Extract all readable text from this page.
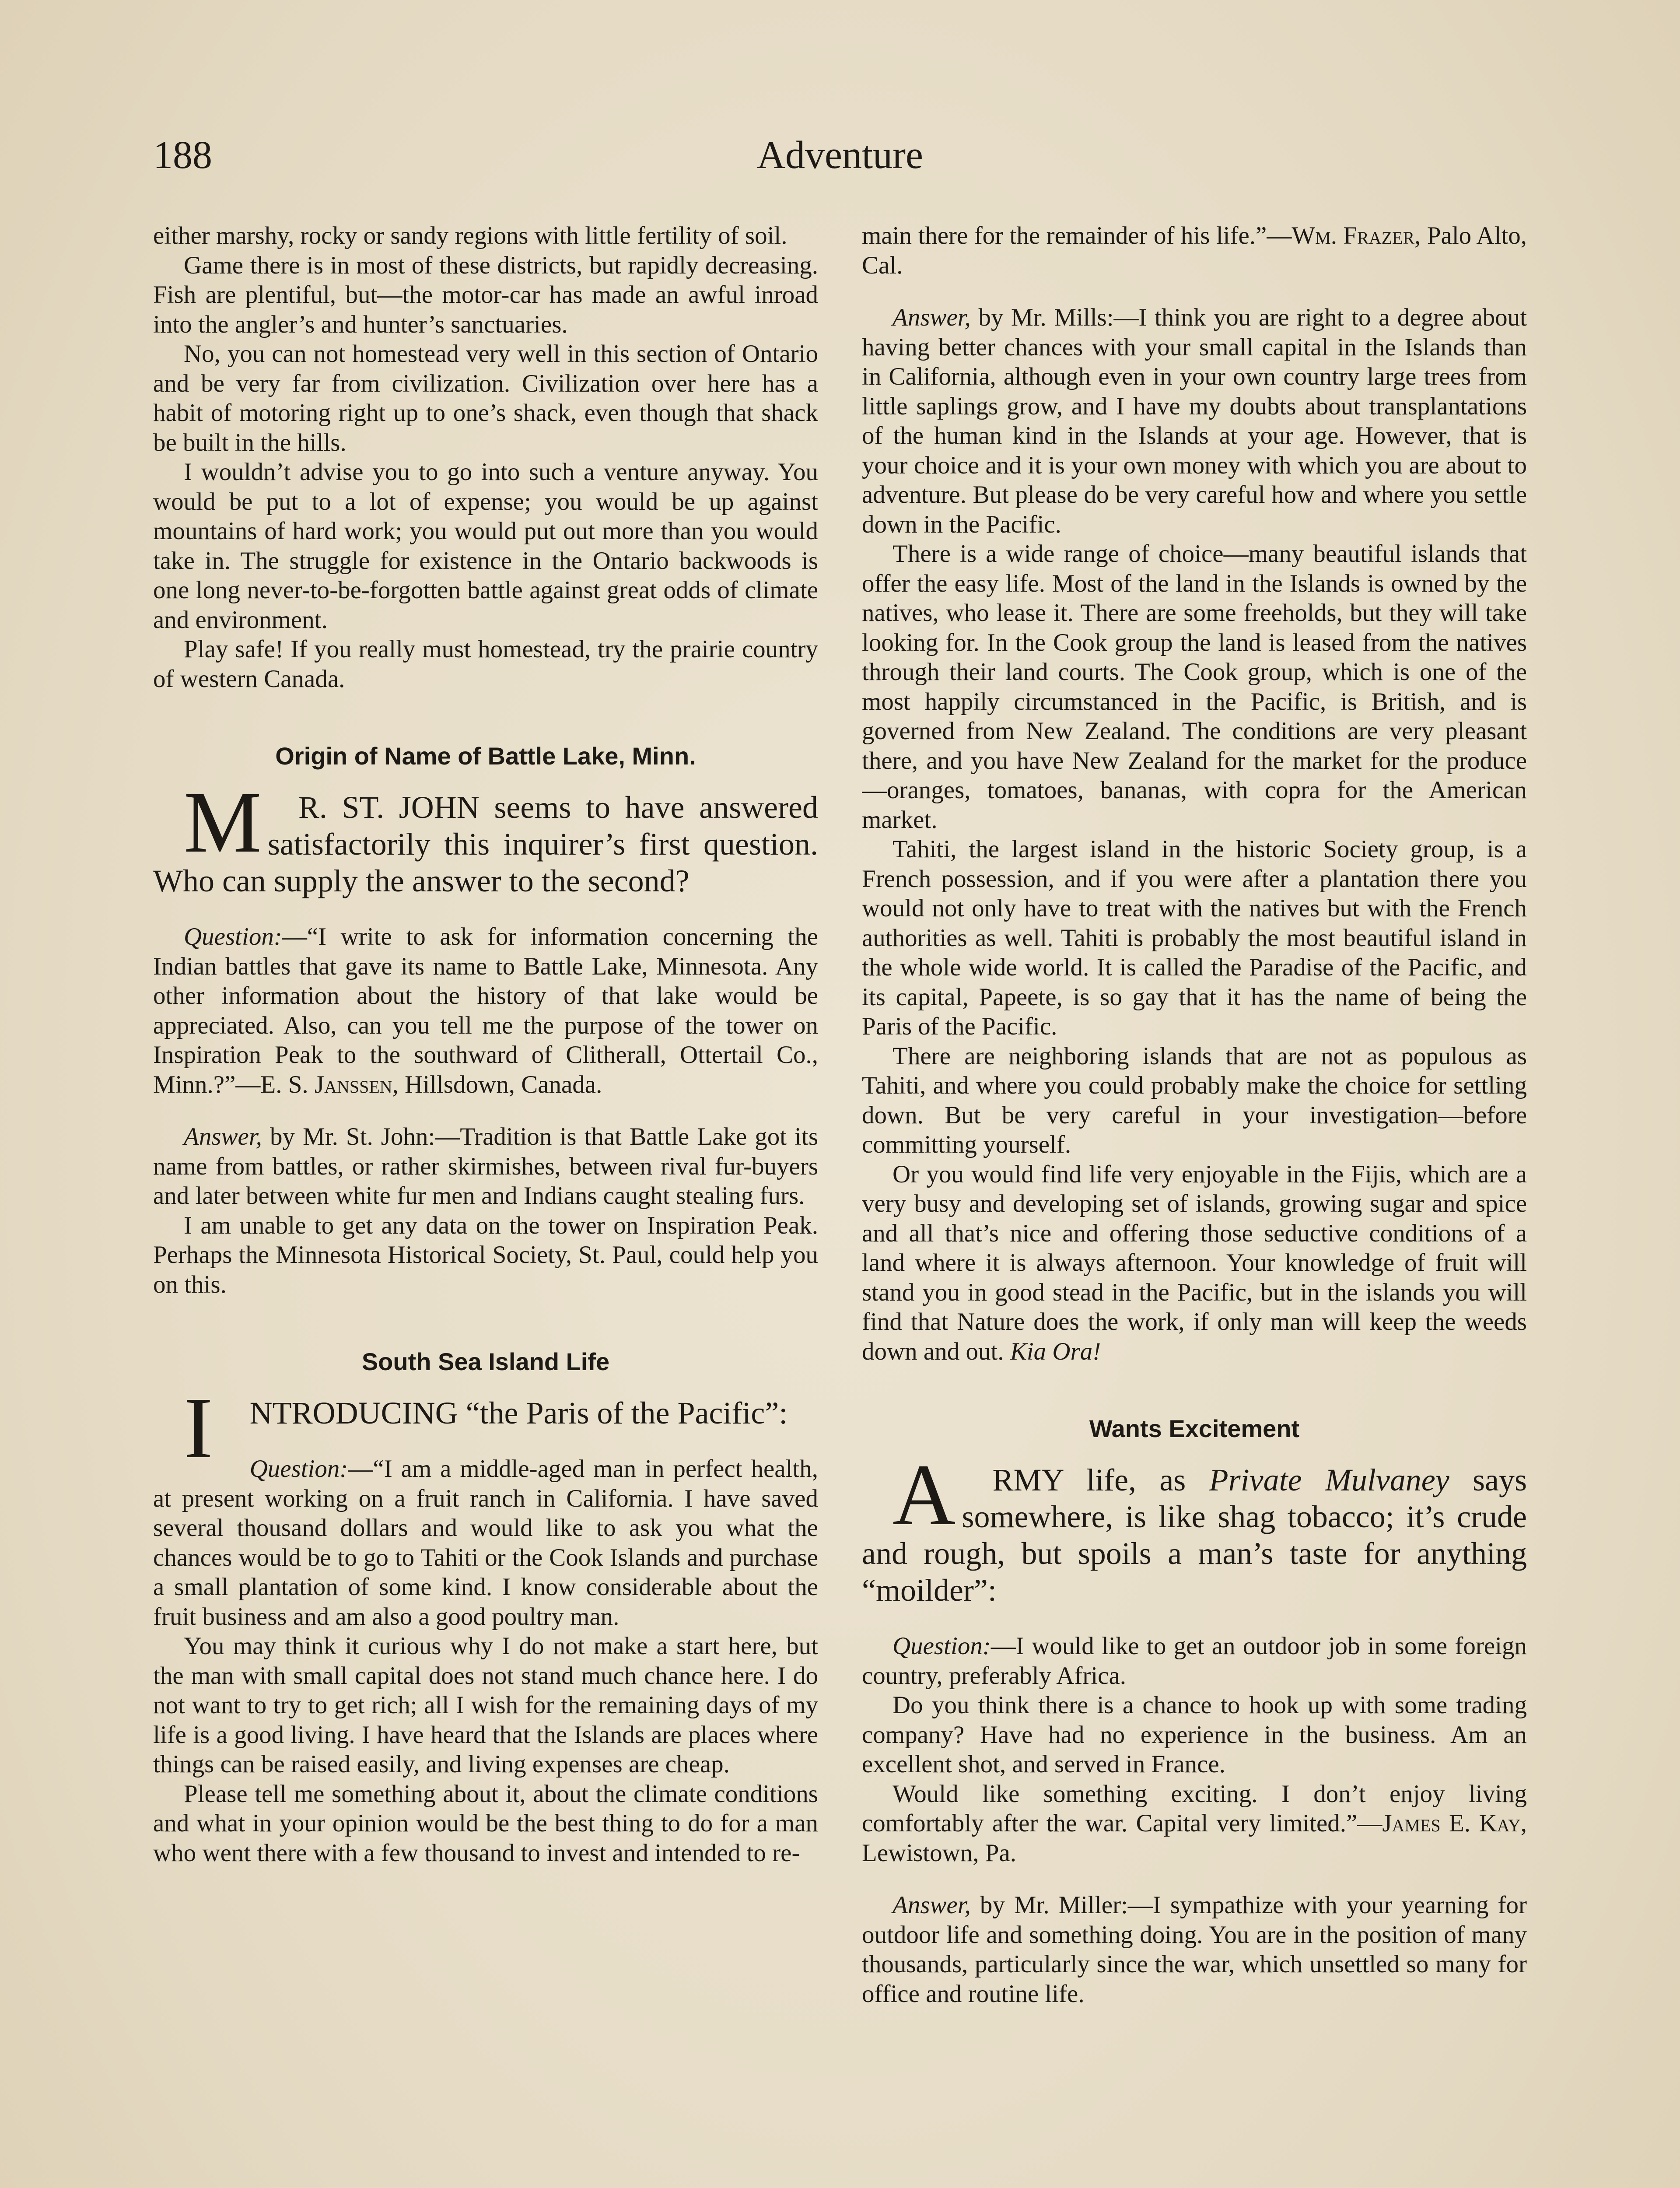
188	Adventure

either marshy, rocky or sandy regions with little fertility of soil.

Game there is in most of these districts, but rapidly decreasing. Fish are plentiful, but—the motor-car has made an awful inroad into the angler’s and hunter’s sanctuaries.

No, you can not homestead very well in this section of Ontario and be very far from civilization. Civilization over here has a habit of motoring right up to one’s shack, even though that shack be built in the hills.

I wouldn’t advise you to go into such a venture anyway. You would be put to a lot of expense; you would be up against mountains of hard work; you would put out more than you would take in. The struggle for existence in the Ontario backwoods is one long never-to-be-forgotten battle against great odds of climate and environment.

Play safe! If you really must homestead, try the prairie country of western Canada.

Origin of Name of Battle Lake, Minn.

M R. ST. JOHN seems to have answered satisfactorily this inquirer’s first question. Who can supply the answer to the second?

Question:—“I write to ask for information concerning the Indian battles that gave its name to Battle Lake, Minnesota. Any other information about the history of that lake would be appreciated. Also, can you tell me the purpose of the tower on Inspiration Peak to the southward of Clitherall, Ottertail Co., Minn.?”—E. S. Janssen, Hillsdown, Canada.

Answer, by Mr. St. John:—Tradition is that Battle Lake got its name from battles, or rather skirmishes, between rival fur-buyers and later between white fur men and Indians caught stealing furs.

I am unable to get any data on the tower on Inspiration Peak. Perhaps the Minnesota Historical Society, St. Paul, could help you on this.

South Sea Island Life

I NTRODUCING “the Paris of the Pacific”:

Question:—“I am a middle-aged man in perfect health, at present working on a fruit ranch in California. I have saved several thousand dollars and would like to ask you what the chances would be to go to Tahiti or the Cook Islands and purchase a small plantation of some kind. I know considerable about the fruit business and am also a good poultry man.

You may think it curious why I do not make a start here, but the man with small capital does not stand much chance here. I do not want to try to get rich; all I wish for the remaining days of my life is a good living. I have heard that the Islands are places where things can be raised easily, and living expenses are cheap.

Please tell me something about it, about the climate conditions and what in your opinion would be the best thing to do for a man who went there with a few thousand to invest and intended to re-

main there for the remainder of his life.”—Wm. Frazer, Palo Alto, Cal.

Answer, by Mr. Mills:—I think you are right to a degree about having better chances with your small capital in the Islands than in California, although even in your own country large trees from little saplings grow, and I have my doubts about transplantations of the human kind in the Islands at your age. However, that is your choice and it is your own money with which you are about to adventure. But please do be very careful how and where you settle down in the Pacific.

There is a wide range of choice—many beautiful islands that offer the easy life. Most of the land in the Islands is owned by the natives, who lease it. There are some freeholds, but they will take looking for. In the Cook group the land is leased from the natives through their land courts. The Cook group, which is one of the most happily circumstanced in the Pacific, is British, and is governed from New Zealand. The conditions are very pleasant there, and you have New Zealand for the market for the produce—oranges, tomatoes, bananas, with copra for the American market.

Tahiti, the largest island in the historic Society group, is a French possession, and if you were after a plantation there you would not only have to treat with the natives but with the French authorities as well. Tahiti is probably the most beautiful island in the whole wide world. It is called the Paradise of the Pacific, and its capital, Papeete, is so gay that it has the name of being the Paris of the Pacific.

There are neighboring islands that are not as populous as Tahiti, and where you could probably make the choice for settling down. But be very careful in your investigation—before committing yourself.

Or you would find life very enjoyable in the Fijis, which are a very busy and developing set of islands, growing sugar and spice and all that’s nice and offering those seductive conditions of a land where it is always afternoon. Your knowledge of fruit will stand you in good stead in the Pacific, but in the islands you will find that Nature does the work, if only man will keep the weeds down and out. Kia Ora!

Wants Excitement

A RMY life, as Private Mulvaney says somewhere, is like shag tobacco; it’s crude and rough, but spoils a man’s taste for anything “moilder”:

Question:—I would like to get an outdoor job in some foreign country, preferably Africa.

Do you think there is a chance to hook up with some trading company? Have had no experience in the business. Am an excellent shot, and served in France.

Would like something exciting. I don’t enjoy living comfortably after the war. Capital very limited.”—James E. Kay, Lewistown, Pa.

Answer, by Mr. Miller:—I sympathize with your yearning for outdoor life and something doing. You are in the position of many thousands, particularly since the war, which unsettled so many for office and routine life.
